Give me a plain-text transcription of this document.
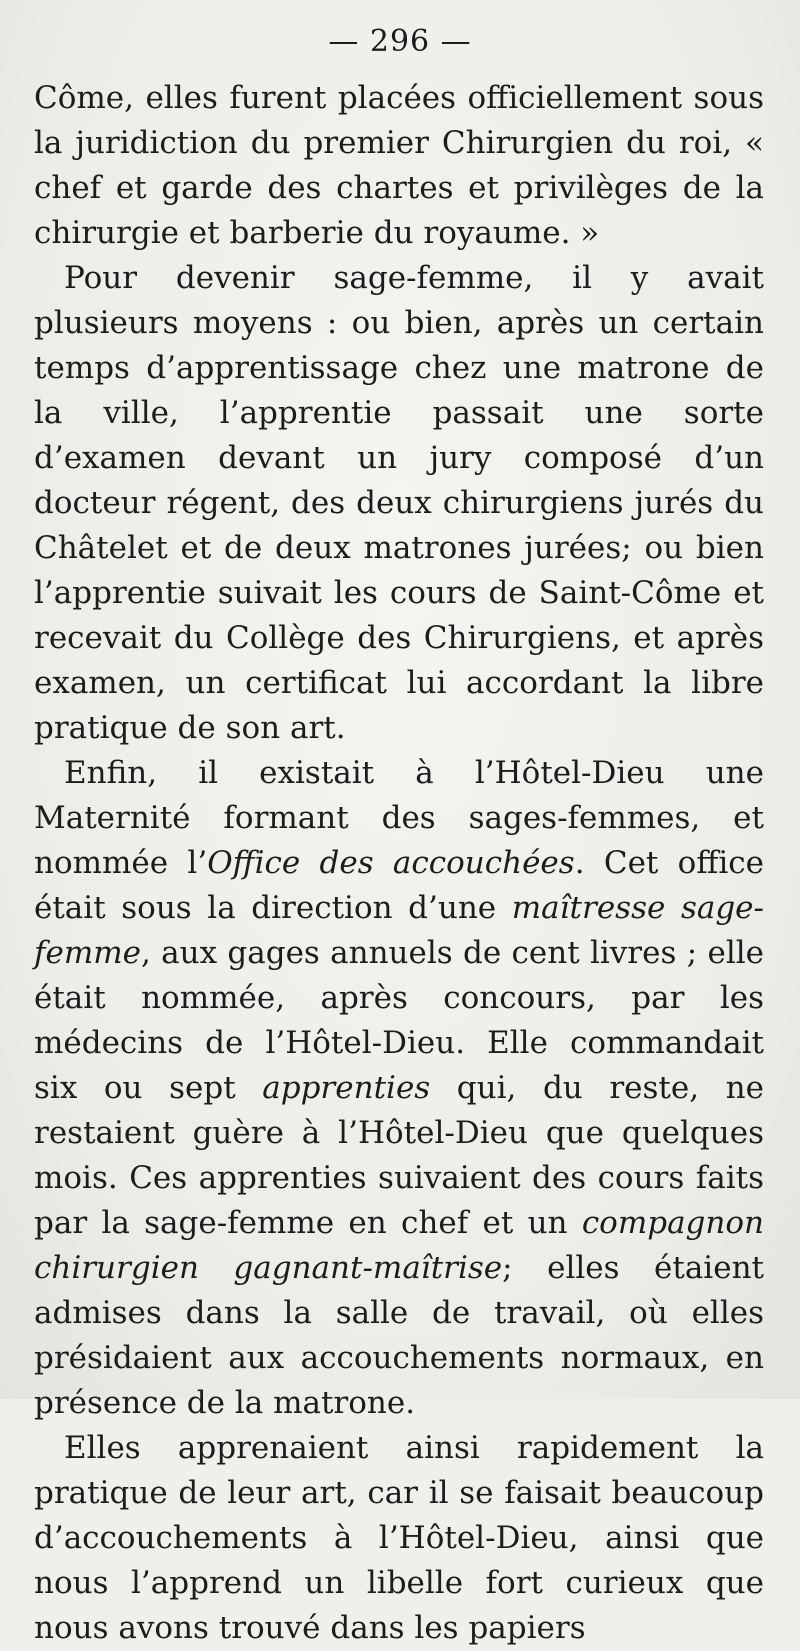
— 296 —

Côme, elles furent placées officiellement sous la juridiction du premier Chirurgien du roi, « chef et garde des chartes et privilèges de la chirurgie et barberie du royaume. »

Pour devenir sage-femme, il y avait plusieurs moyens : ou bien, après un certain temps d’apprentissage chez une matrone de la ville, l’apprentie passait une sorte d’examen devant un jury composé d’un docteur régent, des deux chirurgiens jurés du Châtelet et de deux matrones jurées; ou bien l’apprentie suivait les cours de Saint-Côme et recevait du Collège des Chirurgiens, et après examen, un certificat lui accordant la libre pratique de son art.

Enfin, il existait à l’Hôtel-Dieu une Maternité formant des sages-femmes, et nommée l’Office des accouchées. Cet office était sous la direction d’une maîtresse sage-femme, aux gages annuels de cent livres ; elle était nommée, après concours, par les médecins de l’Hôtel-Dieu. Elle commandait six ou sept apprenties qui, du reste, ne restaient guère à l’Hôtel-Dieu que quelques mois. Ces apprenties suivaient des cours faits par la sage-femme en chef et un compagnon chirurgien gagnant-maîtrise; elles étaient admises dans la salle de travail, où elles présidaient aux accouchements normaux, en présence de la matrone.

Elles apprenaient ainsi rapidement la pratique de leur art, car il se faisait beaucoup d’accouchements à l’Hôtel-Dieu, ainsi que nous l’apprend un libelle fort curieux que nous avons trouvé dans les papiers
